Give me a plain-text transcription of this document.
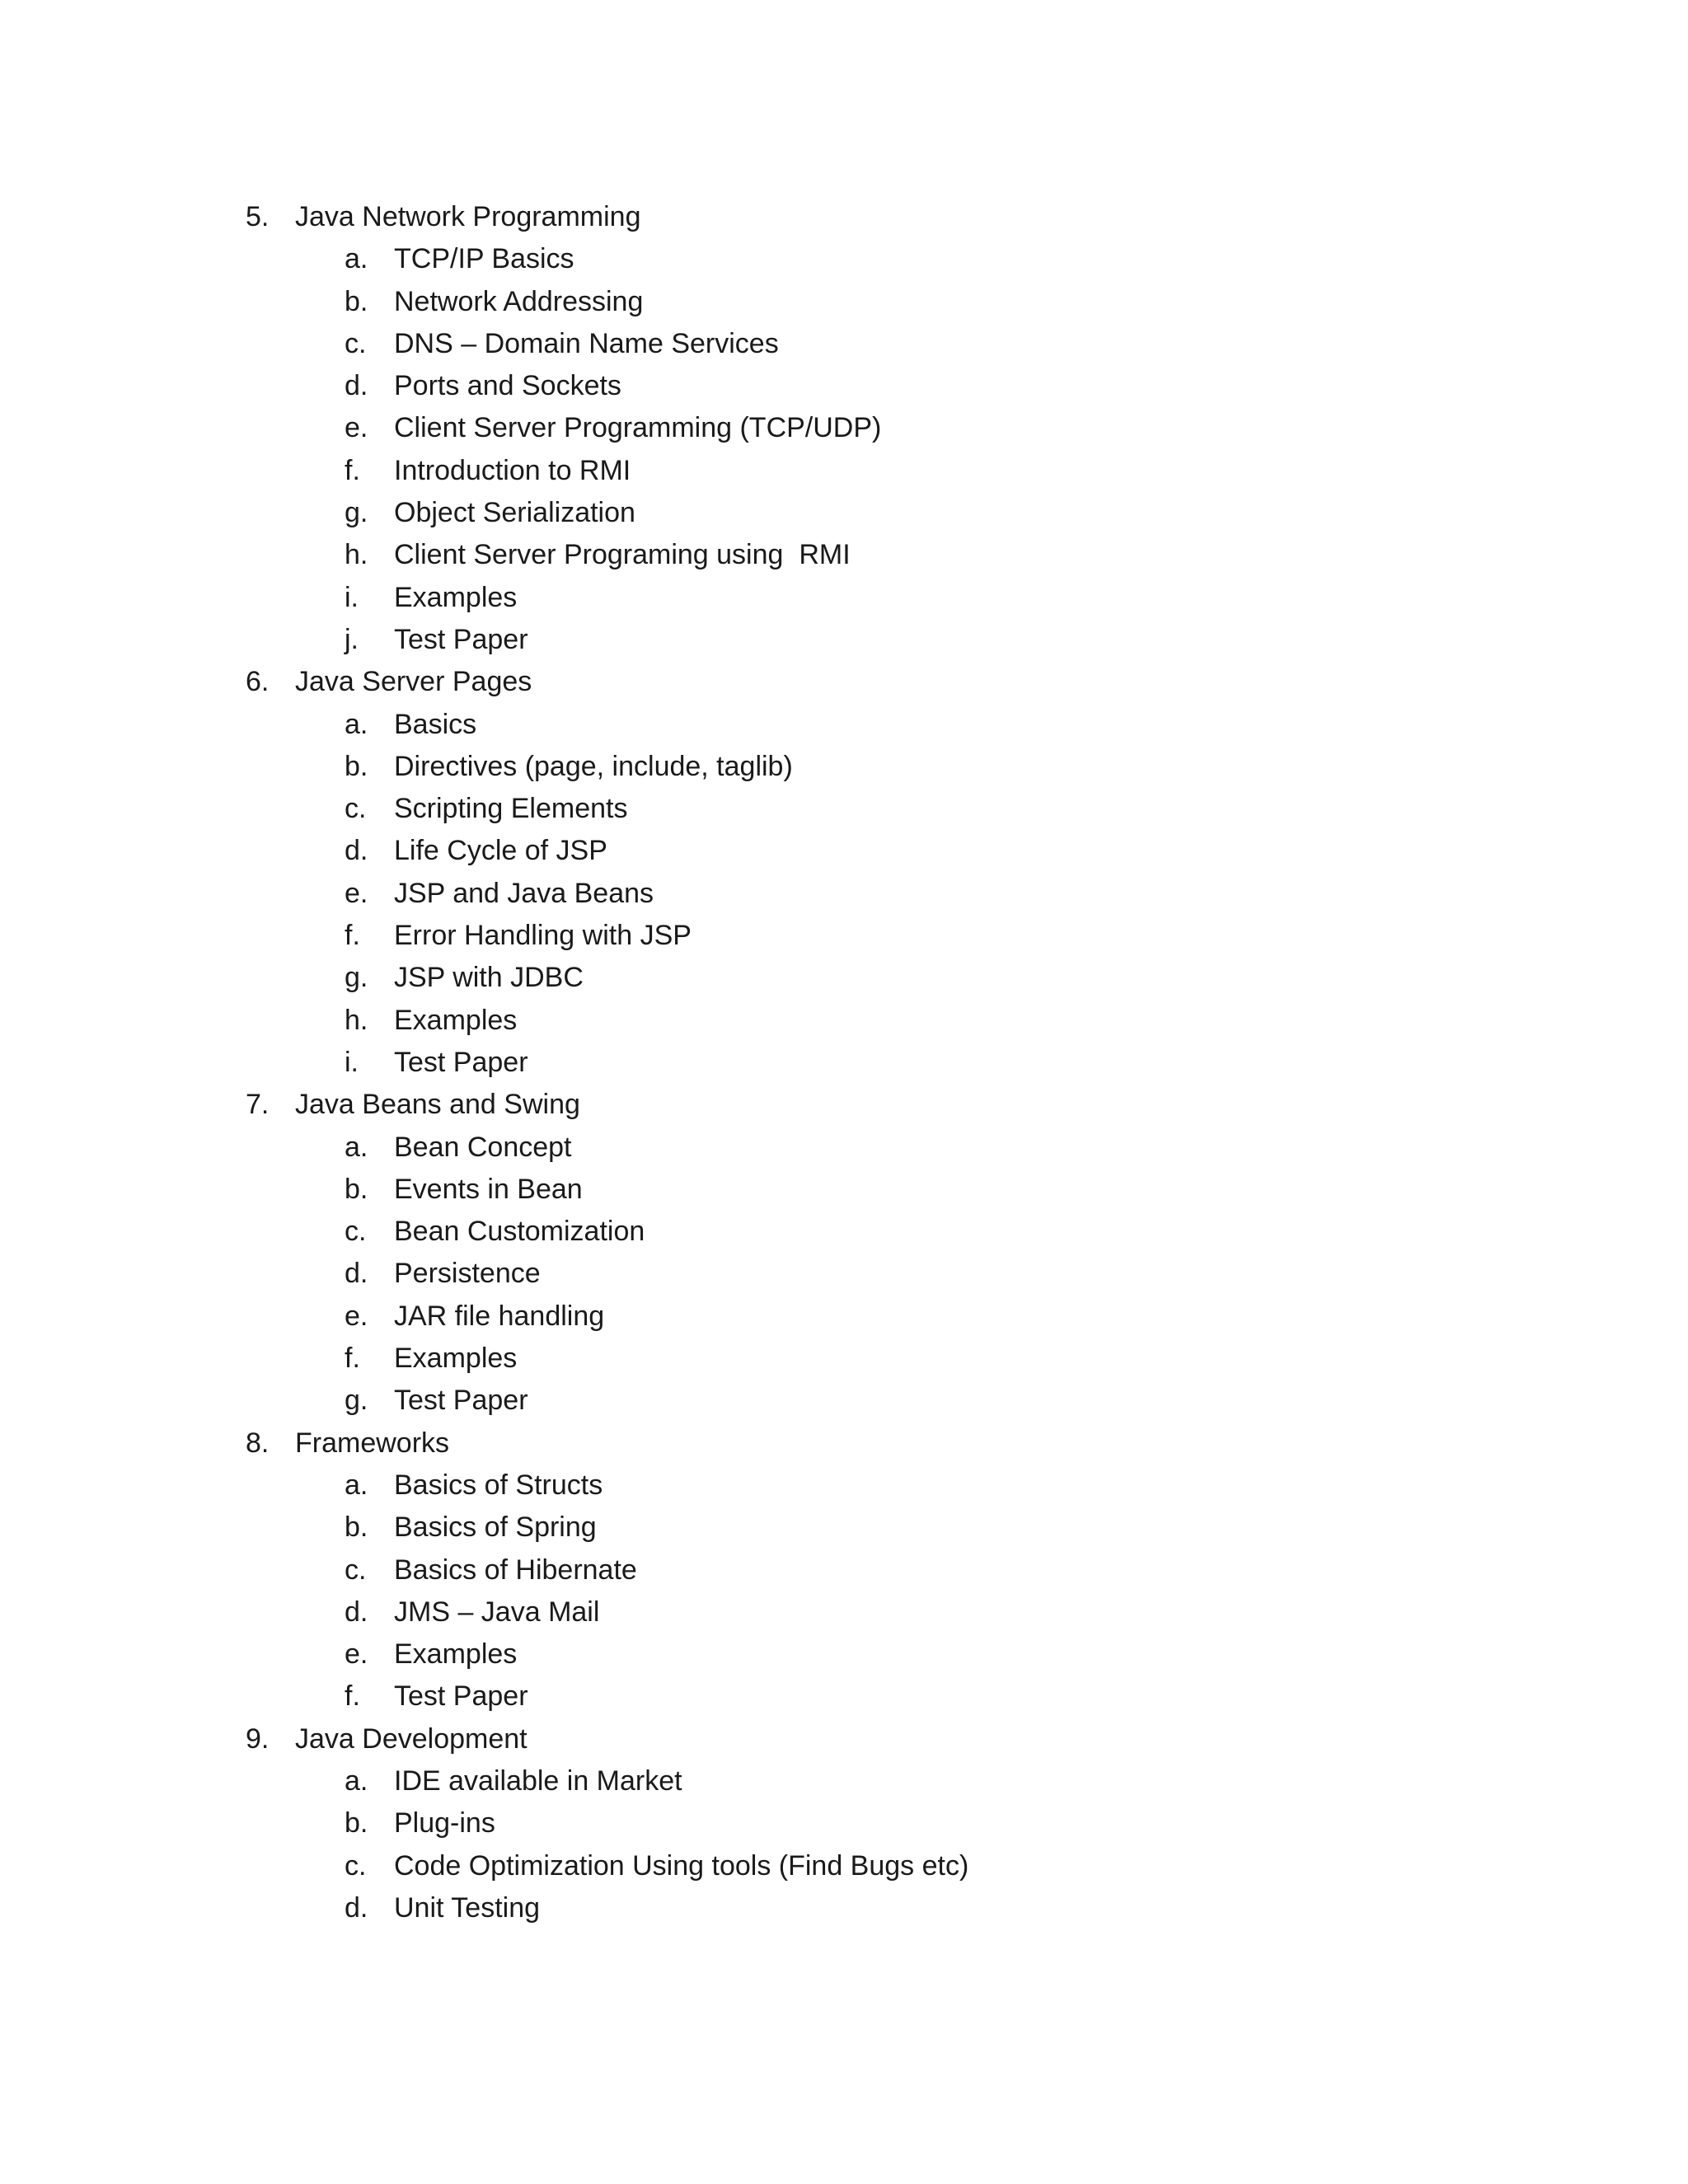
5. Java Network Programming
a. TCP/IP Basics
b. Network Addressing
c. DNS – Domain Name Services
d. Ports and Sockets
e. Client Server Programming (TCP/UDP)
f.	Introduction to RMI
g. Object Serialization
h. Client Server Programing using  RMI
i.	Examples
j.	Test Paper
6. Java Server Pages
a. Basics
b. Directives (page, include, taglib)
c. Scripting Elements
d. Life Cycle of JSP
e. JSP and Java Beans
f.	Error Handling with JSP
g. JSP with JDBC
h. Examples
i.	Test Paper
7. Java Beans and Swing
a. Bean Concept
b. Events in Bean
c. Bean Customization
d. Persistence
e. JAR file handling
f.	Examples
g. Test Paper
8. Frameworks
a. Basics of Structs
b. Basics of Spring
c. Basics of Hibernate
d. JMS – Java Mail
e. Examples
f.	Test Paper
9. Java Development
a. IDE available in Market
b. Plug-ins
c. Code Optimization Using tools (Find Bugs etc)
d. Unit Testing
